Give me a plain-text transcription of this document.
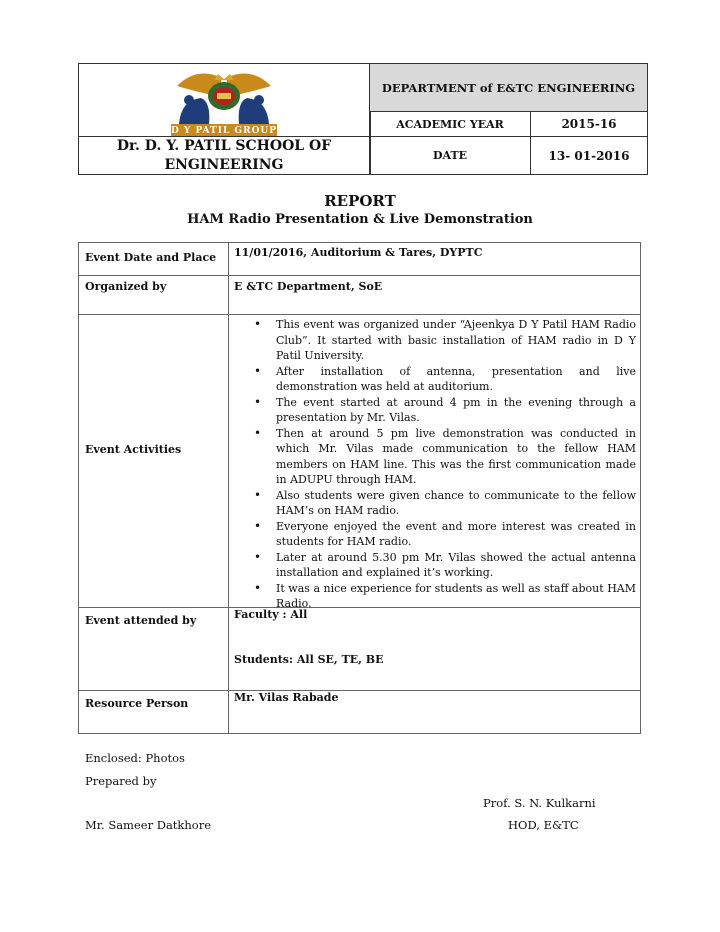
D Y PATIL GROUP
Dr. D. Y. PATIL SCHOOL OF ENGINEERING
DEPARTMENT of E&TC ENGINEERING
ACADEMIC YEAR	2015-16
DATE	13- 01-2016
REPORT
HAM Radio Presentation & Live Demonstration
Event Date and Place 11/01/2016, Auditorium & Tares, DYPTC
Organized by	E &TC Department, SoE
Event Activities
• This event was organized under “Ajeenkya D Y Patil HAM Radio Club”. It started with basic installation of HAM radio in D Y Patil University.
• After installation of antenna, presentation and live demonstration was held at auditorium.
• The event started at around 4 pm in the evening through a presentation by Mr. Vilas.
• Then at around 5 pm live demonstration was conducted in which Mr. Vilas made communication to the fellow HAM members on HAM line. This was the first communication made in ADUPU through HAM.
• Also students were given chance to communicate to the fellow HAM’s on HAM radio.
• Everyone enjoyed the event and more interest was created in students for HAM radio.
• Later at around 5.30 pm Mr. Vilas showed the actual antenna installation and explained it’s working.
• It was a nice experience for students as well as staff about HAM Radio.
Event attended by	Faculty : All
Students: All SE, TE, BE
Resource Person	Mr. Vilas Rabade
Enclosed: Photos
Prepared by
Prof. S. N. Kulkarni
Mr. Sameer Datkhore	HOD, E&TC
